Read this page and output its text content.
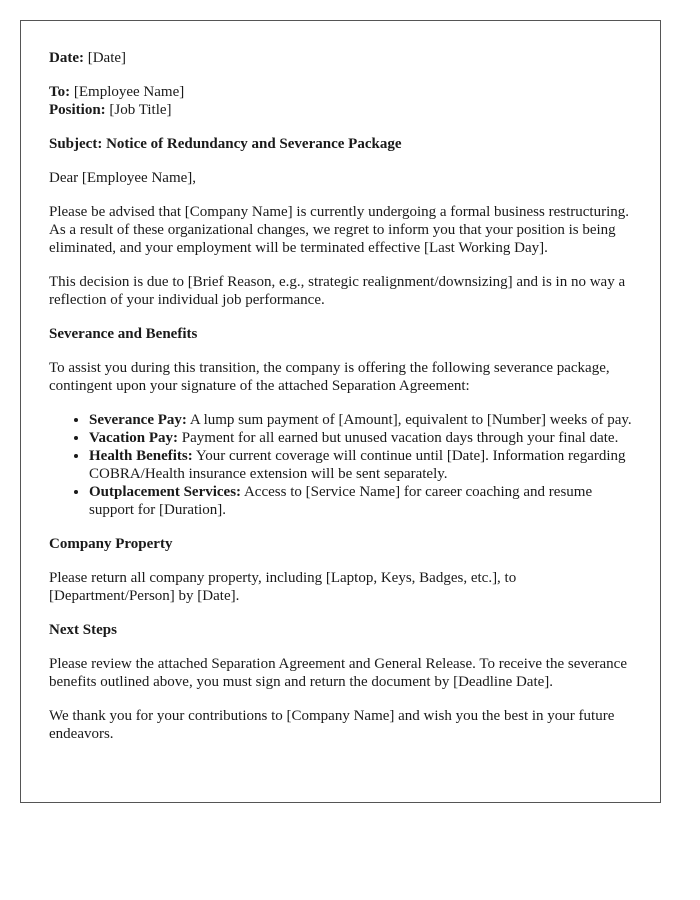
Date: [Date]

To: [Employee Name]

Position: [Job Title]

Subject: Notice of Redundancy and Severance Package

Dear [Employee Name],

Please be advised that [Company Name] is currently undergoing a formal business restructuring. As a result of these organizational changes, we regret to inform you that your position is being eliminated, and your employment will be terminated effective [Last Working Day].

This decision is due to [Brief Reason, e.g., strategic realignment/downsizing] and is in no way a reflection of your individual job performance.

Severance and Benefits

To assist you during this transition, the company is offering the following severance package, contingent upon your signature of the attached Separation Agreement:

• Severance Pay: A lump sum payment of [Amount], equivalent to [Number] weeks of pay.
• Vacation Pay: Payment for all earned but unused vacation days through your final date.
• Health Benefits: Your current coverage will continue until [Date]. Information regarding COBRA/Health insurance extension will be sent separately.
• Outplacement Services: Access to [Service Name] for career coaching and resume support for [Duration].
Company Property

Please return all company property, including [Laptop, Keys, Badges, etc.], to [Department/Person] by [Date].

Next Steps

Please review the attached Separation Agreement and General Release. To receive the severance benefits outlined above, you must sign and return the document by [Deadline Date].

We thank you for your contributions to [Company Name] and wish you the best in your future endeavors.
